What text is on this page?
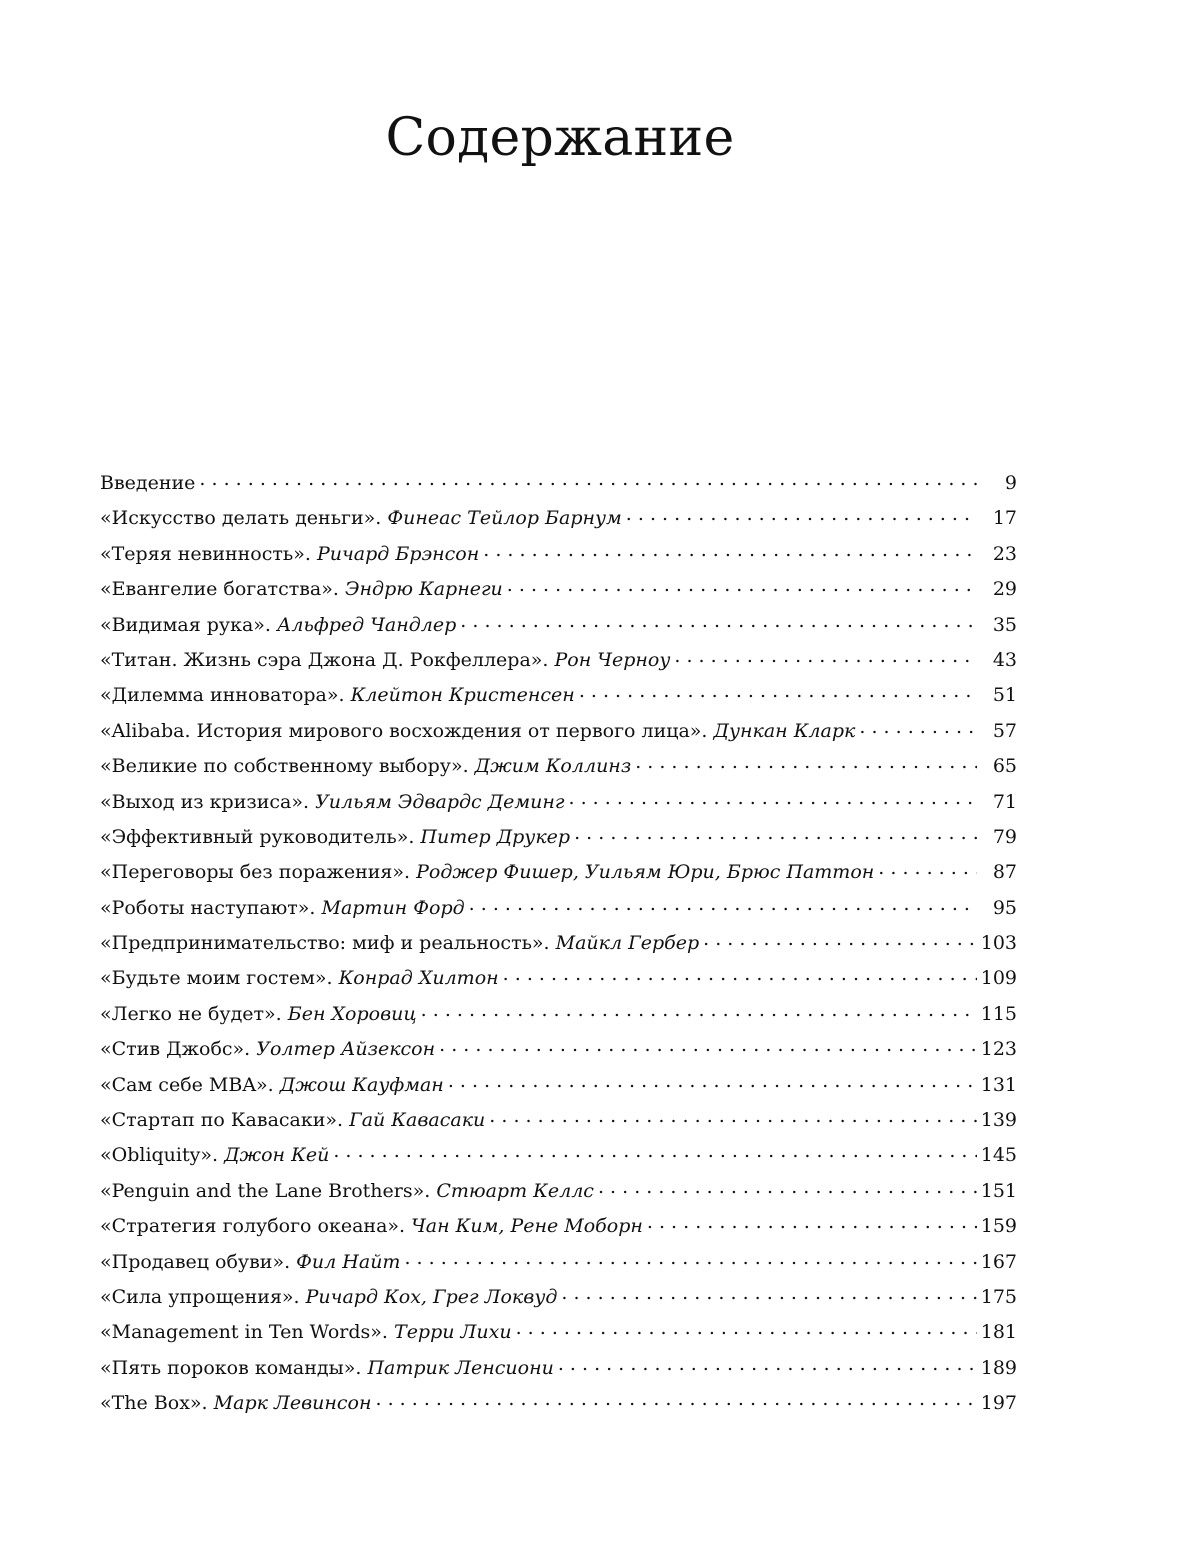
Содержание
Введение . . .	9
«Искусство делать деньги». Финеас Тейлор Барнум . . .	17
«Теряя невинность». Ричард Брэнсон . . .	23
«Евангелие богатства». Эндрю Карнеги . . .	29
«Видимая рука». Альфред Чандлер . . .	35
«Титан. Жизнь сэра Джона Д. Рокфеллера». Рон Черноу . . .	43
«Дилемма инноватора». Клейтон Кристенсен . . .	51
«Alibaba. История мирового восхождения от первого лица». Дункан Кларк . . .	57
«Великие по собственному выбору». Джим Коллинз . . .	65
«Выход из кризиса». Уильям Эдвардс Деминг . . .	71
«Эффективный руководитель». Питер Друкер . . .	79
«Переговоры без поражения». Роджер Фишер, Уильям Юри, Брюс Паттон . . .	87
«Роботы наступают». Мартин Форд . . .	95
«Предпринимательство: миф и реальность». Майкл Гербер . . .	103
«Будьте моим гостем». Конрад Хилтон . . .	109
«Легко не будет». Бен Хоровиц . . .	115
«Стив Джобс». Уолтер Айзексон . . .	123
«Сам себе MBA». Джош Кауфман . . .	131
«Стартап по Кавасаки». Гай Кавасаки . . .	139
«Obliquity». Джон Кей . . .	145
«Penguin and the Lane Brothers». Стюарт Келлс . . .	151
«Стратегия голубого океана». Чан Ким, Рене Моборн . . .	159
«Продавец обуви». Фил Найт . . .	167
«Сила упрощения». Ричард Кох, Грег Локвуд . . .	175
«Management in Ten Words». Терри Лихи . . .	181
«Пять пороков команды». Патрик Ленсиони . . .	189
«The Box». Марк Левинсон . . .	197
